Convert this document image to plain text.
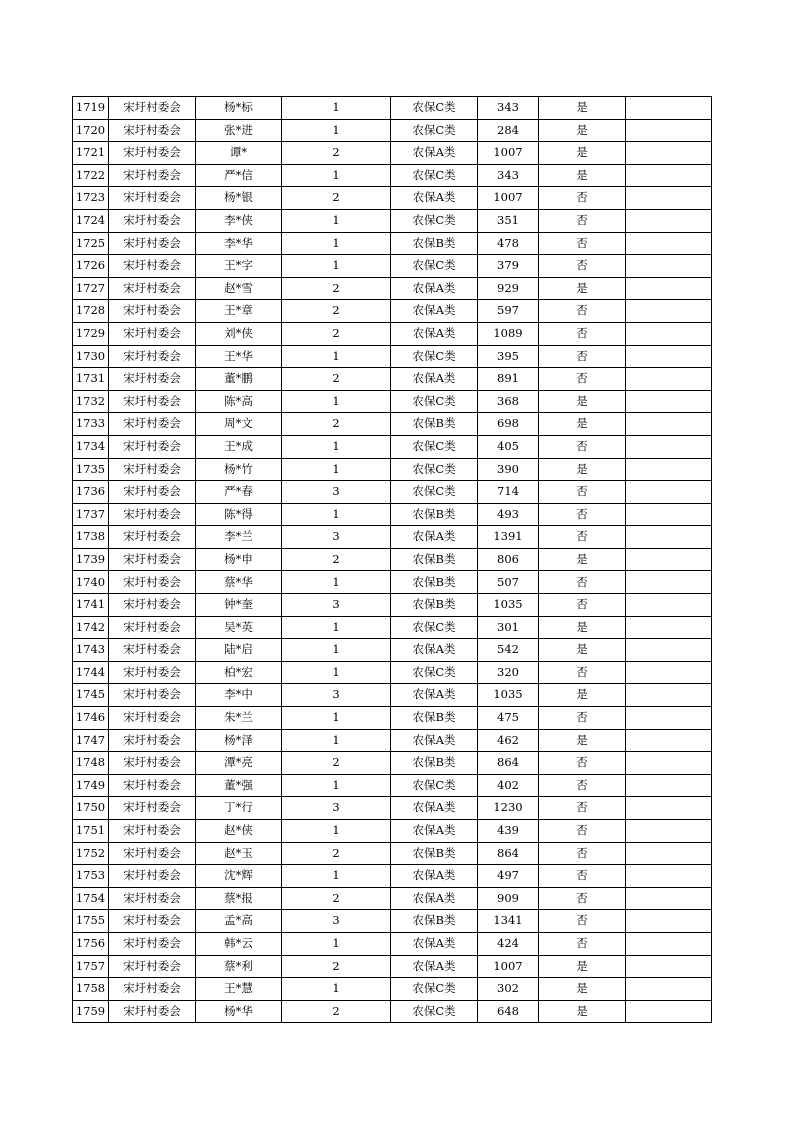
1719	宋圩村委会	杨*标	1	农保C类	343	是	
1720	宋圩村委会	张*进	1	农保C类	284	是	
1721	宋圩村委会	谭*	2	农保A类	1007	是	
1722	宋圩村委会	严*信	1	农保C类	343	是	
1723	宋圩村委会	杨*银	2	农保A类	1007	否	
1724	宋圩村委会	李*侠	1	农保C类	351	否	
1725	宋圩村委会	李*华	1	农保B类	478	否	
1726	宋圩村委会	王*字	1	农保C类	379	否	
1727	宋圩村委会	赵*雪	2	农保A类	929	是	
1728	宋圩村委会	王*章	2	农保A类	597	否	
1729	宋圩村委会	刘*侠	2	农保A类	1089	否	
1730	宋圩村委会	王*华	1	农保C类	395	否	
1731	宋圩村委会	董*鹏	2	农保A类	891	否	
1732	宋圩村委会	陈*高	1	农保C类	368	是	
1733	宋圩村委会	周*文	2	农保B类	698	是	
1734	宋圩村委会	王*成	1	农保C类	405	否	
1735	宋圩村委会	杨*竹	1	农保C类	390	是	
1736	宋圩村委会	严*春	3	农保C类	714	否	
1737	宋圩村委会	陈*得	1	农保B类	493	否	
1738	宋圩村委会	李*兰	3	农保A类	1391	否	
1739	宋圩村委会	杨*申	2	农保B类	806	是	
1740	宋圩村委会	蔡*华	1	农保B类	507	否	
1741	宋圩村委会	钟*奎	3	农保B类	1035	否	
1742	宋圩村委会	吴*英	1	农保C类	301	是	
1743	宋圩村委会	陆*启	1	农保A类	542	是	
1744	宋圩村委会	柏*宏	1	农保C类	320	否	
1745	宋圩村委会	李*中	3	农保A类	1035	是	
1746	宋圩村委会	朱*兰	1	农保B类	475	否	
1747	宋圩村委会	杨*泽	1	农保A类	462	是	
1748	宋圩村委会	潭*亮	2	农保B类	864	否	
1749	宋圩村委会	董*强	1	农保C类	402	否	
1750	宋圩村委会	丁*行	3	农保A类	1230	否	
1751	宋圩村委会	赵*侠	1	农保A类	439	否	
1752	宋圩村委会	赵*玉	2	农保B类	864	否	
1753	宋圩村委会	沈*辉	1	农保A类	497	否	
1754	宋圩村委会	蔡*报	2	农保A类	909	否	
1755	宋圩村委会	孟*高	3	农保B类	1341	否	
1756	宋圩村委会	韩*云	1	农保A类	424	否	
1757	宋圩村委会	蔡*利	2	农保A类	1007	是	
1758	宋圩村委会	王*慧	1	农保C类	302	是	
1759	宋圩村委会	杨*华	2	农保C类	648	是	
